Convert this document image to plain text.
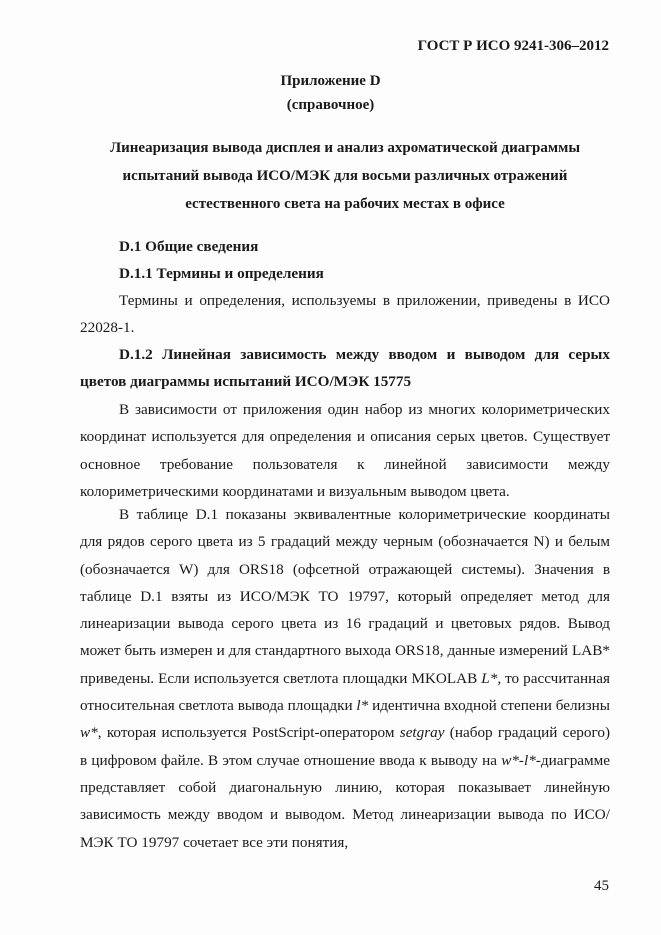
ГОСТ Р ИСО 9241-306–2012
Приложение D
(справочное)
Линеаризация вывода дисплея и анализ ахроматической диаграммы
испытаний вывода ИСО/МЭК для восьми различных отражений
естественного света на рабочих местах в офисе
D.1 Общие сведения
D.1.1 Термины и определения

Термины и определения, используемы в приложении, приведены в ИСО 22028-1.

D.1.2 Линейная зависимость между вводом и выводом для серых цветов диаграммы испытаний ИСО/МЭК 15775

В зависимости от приложения один набор из многих колориметрических координат используется для определения и описания серых цветов. Существует основное требование пользователя к линейной зависимости между колориметрическими координатами и визуальным выводом цвета.

В таблице D.1 показаны эквивалентные колориметрические координаты для рядов серого цвета из 5 градаций между черным (обозначается N) и белым (обозначается W) для ORS18 (офсетной отражающей системы). Значения в таблице D.1 взяты из ИСО/МЭК ТО 19797, который определяет метод для линеаризации вывода серого цвета из 16 градаций и цветовых рядов. Вывод может быть измерен и для стандартного выхода ORS18, данные измерений LAB* приведены. Если используется светлота площадки MKOLAB L*, то рассчитанная относительная светлота вывода площадки l* идентична входной степени белизны w*, которая используется PostScript-оператором setgray (набор градаций серого) в цифровом файле. В этом случае отношение ввода к выводу на w*-l*-диаграмме представляет собой диагональную линию, которая показывает линейную зависимость между вводом и выводом. Метод линеаризации вывода по ИСО/МЭК ТО 19797 сочетает все эти понятия,

45
